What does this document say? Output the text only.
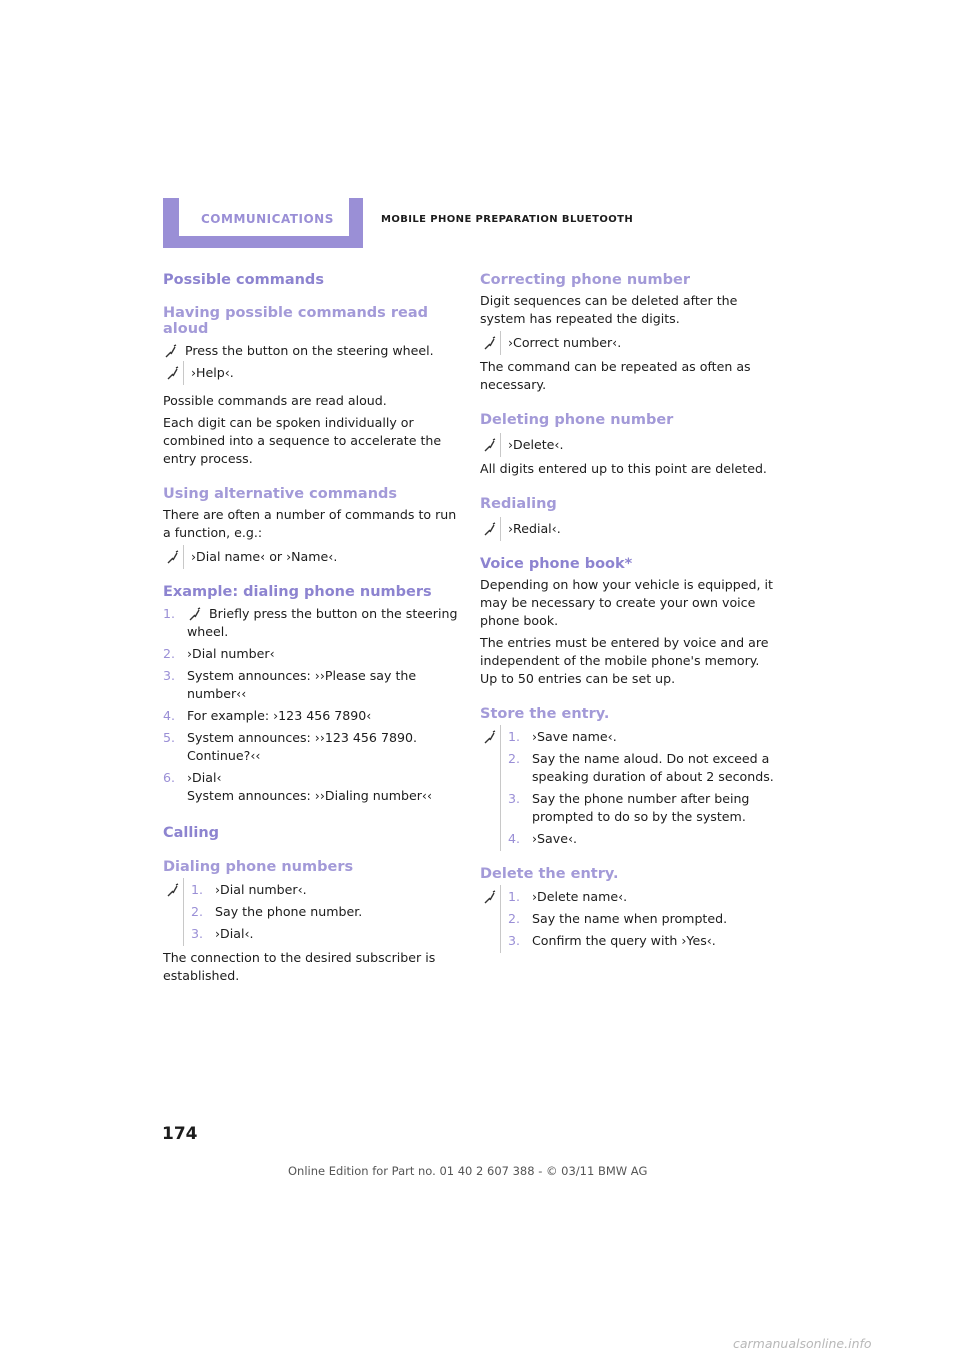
COMMUNICATIONS	MOBILE PHONE PREPARATION BLUETOOTH
Possible commands
Having possible commands read aloud
Press the button on the steering wheel.
›Help‹.
Possible commands are read aloud.
Each digit can be spoken individually or combined into a sequence to accelerate the entry process.
Using alternative commands
There are often a number of commands to run a function, e.g.:
›Dial name‹ or ›Name‹.
Example: dialing phone numbers
1.	Briefly press the button on the steering wheel.
2. ›Dial number‹
3. System announces: ››Please say the number‹‹
4. For example: ›123 456 7890‹
5. System announces: ››123 456 7890. Continue?‹‹
6. ›Dial‹
System announces: ››Dialing number‹‹
Calling
Dialing phone numbers
1. ›Dial number‹.
2. Say the phone number.
3. ›Dial‹.
The connection to the desired subscriber is established.
Correcting phone number
Digit sequences can be deleted after the system has repeated the digits.
›Correct number‹.
The command can be repeated as often as necessary.
Deleting phone number
›Delete‹.
All digits entered up to this point are deleted.
Redialing
›Redial‹.
Voice phone book*
Depending on how your vehicle is equipped, it may be necessary to create your own voice phone book.
The entries must be entered by voice and are independent of the mobile phone's memory. Up to 50 entries can be set up.
Store the entry.
1. ›Save name‹.
2. Say the name aloud. Do not exceed a speaking duration of about 2 seconds.
3. Say the phone number after being prompted to do so by the system.
4. ›Save‹.
Delete the entry.
1. ›Delete name‹.
2. Say the name when prompted.
3. Confirm the query with ›Yes‹.
174
Online Edition for Part no. 01 40 2 607 388 - © 03/11 BMW AG
carmanualsonline.info
